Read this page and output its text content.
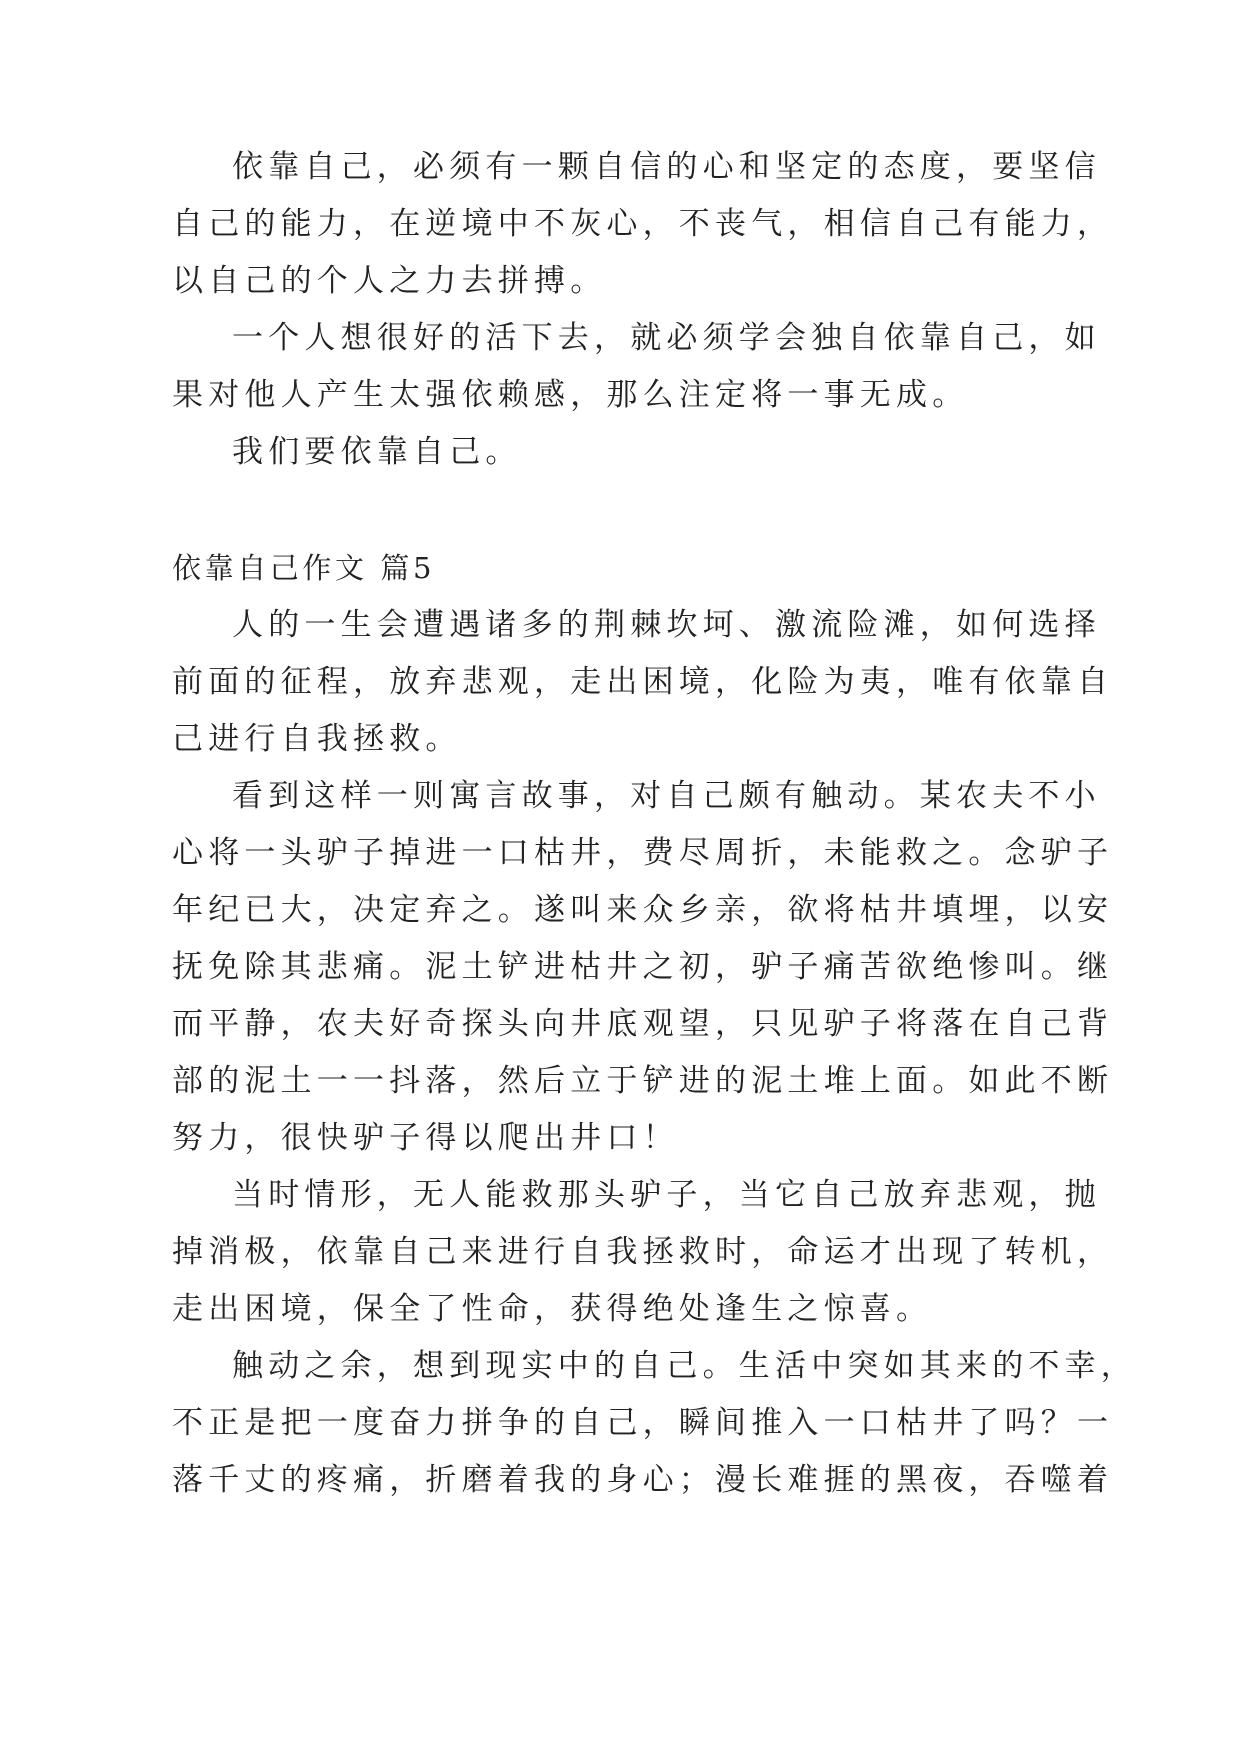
依靠自己，必须有一颗自信的心和坚定的态度，要坚信
自己的能力，在逆境中不灰心，不丧气，相信自己有能力，
以自己的个人之力去拼搏。
一个人想很好的活下去，就必须学会独自依靠自己，如
果对他人产生太强依赖感，那么注定将一事无成。
我们要依靠自己。
依靠自己作文 篇5
人的一生会遭遇诸多的荆棘坎坷、激流险滩，如何选择
前面的征程，放弃悲观，走出困境，化险为夷，唯有依靠自
己进行自我拯救。
看到这样一则寓言故事，对自己颇有触动。某农夫不小
心将一头驴子掉进一口枯井，费尽周折，未能救之。念驴子
年纪已大，决定弃之。遂叫来众乡亲，欲将枯井填埋，以安
抚免除其悲痛。泥土铲进枯井之初，驴子痛苦欲绝惨叫。继
而平静，农夫好奇探头向井底观望，只见驴子将落在自己背
部的泥土一一抖落，然后立于铲进的泥土堆上面。如此不断
努力，很快驴子得以爬出井口！
当时情形，无人能救那头驴子，当它自己放弃悲观，抛
掉消极，依靠自己来进行自我拯救时，命运才出现了转机，
走出困境，保全了性命，获得绝处逢生之惊喜。
触动之余，想到现实中的自己。生活中突如其来的不幸，
不正是把一度奋力拼争的自己，瞬间推入一口枯井了吗？一
落千丈的疼痛，折磨着我的身心；漫长难捱的黑夜，吞噬着
